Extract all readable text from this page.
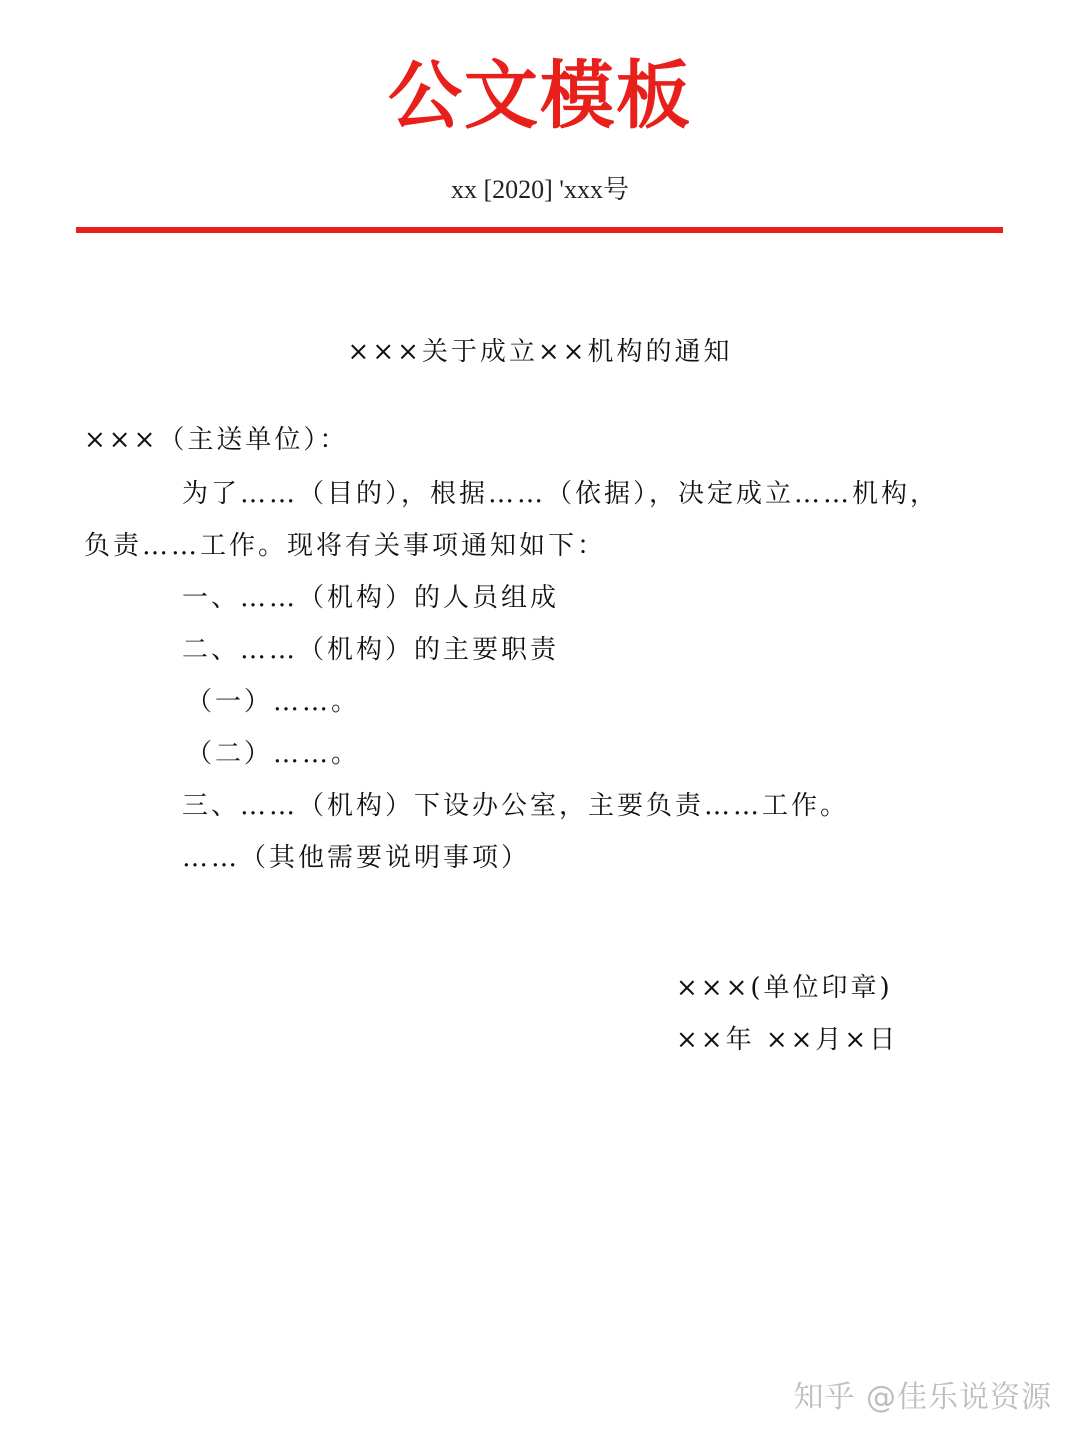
公文模板
xx [2020] 'xxx号
×××关于成立××机构的通知
×××（主送单位）：
为了……（目的），根据……（依据），决定成立……机构，
负责……工作。现将有关事项通知如下：
一、……（机构）的人员组成
二、……（机构）的主要职责
（一）……。
（二）……。
三、……（机构）下设办公室，主要负责……工作。
……（其他需要说明事项）
×××(单位印章)
××年 ××月×日
知乎 @佳乐说资源
